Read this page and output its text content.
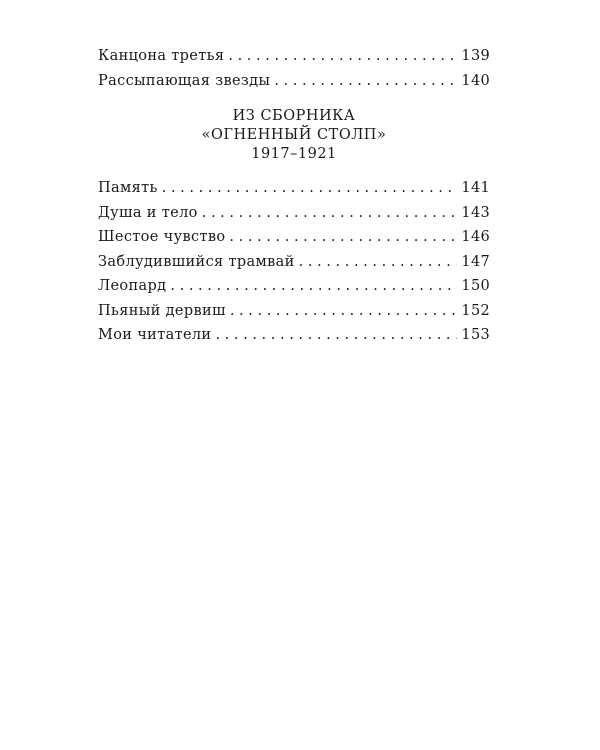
Канцона третья . . .	139
Рассыпающая звезды . . .	140
ИЗ СБОРНИКА
«ОГНЕННЫЙ СТОЛП»
1917–1921
Память . . .	141
Душа и тело . . .	143
Шестое чувство . . .	146
Заблудившийся трамвай . . .	147
Леопард . . .	150
Пьяный дервиш . . .	152
Мои читатели . . .	153
